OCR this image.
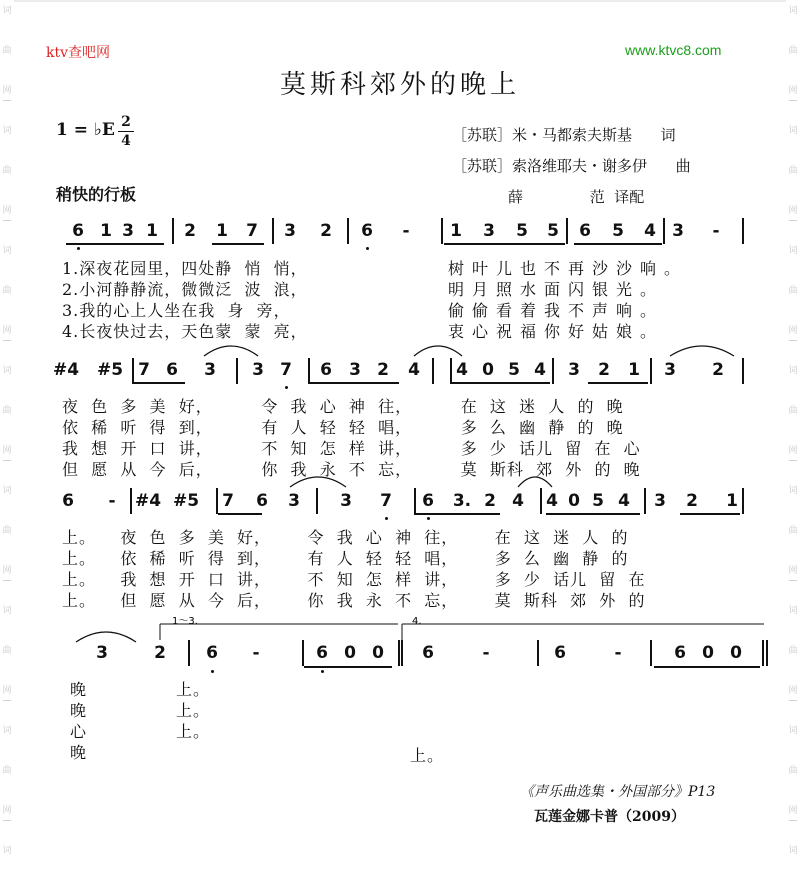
词
曲
网
词
曲
网
词
曲
网
词
曲
网
词
曲
网
词
曲
网
词
曲
网
词
词
曲
网
词
曲
网
词
曲
网
词
曲
网
词
曲
网
词
曲
网
词
曲
网
词
ktv查吧网	www.ktvc8.com
莫斯科郊外的晚上
1 = ♭E 2
4
稍快的行板
［苏联］米・马都索夫斯基      词
［苏联］索洛维耶夫・谢多伊      曲
薛              范  译配
1～3.	4.
6 1 3 1	2	1	7	3	2	6	-	1	3	5	5	6	5	4 3	-
#4 #5 7 6	3	3 7	6	3 2	4	4 0 5 4	3	2	1	3	2
6	-	#4 #5	7	6	3	3	7	6	3. 2 4	4 0 5 4	3	2	1
3	2	6	-	6 0 0	6	-	6	-	6 0 0
1.深夜花园里，四处静  悄  悄，
2.小河静静流，微微泛  波  浪，
3.我的心上人坐在我  身  旁，
4.长夜快过去，天色蒙  蒙  亮，
树叶儿也不再沙沙响。
明月照水面闪银光。
偷偷看着我不声响。
衷心祝福你好姑娘。
夜  色  多  美  好，        令  我  心  神  往，        在  这  迷  人  的  晚
依  稀  听  得  到，        有  人  轻  轻  唱，        多  么  幽  静  的  晚
我  想  开  口  讲，        不  知  怎  样  讲，        多  少  话儿  留  在  心
但  愿  从  今  后，        你  我  永  不  忘，        莫  斯科  郊  外  的  晚
上。    夜  色  多  美  好，      令  我  心  神  往，      在  这  迷  人  的
上。    依  稀  听  得  到，      有  人  轻  轻  唱，      多  么  幽  静  的
上。    我  想  开  口  讲，      不  知  怎  样  讲，      多  少  话儿  留  在
上。    但  愿  从  今  后，      你  我  永  不  忘，      莫  斯科  郊  外  的
晚
晚
心
晚
上。
上。
上。
上。
《声乐曲选集・外国部分》P13
瓦莲金娜卡普（2009）
